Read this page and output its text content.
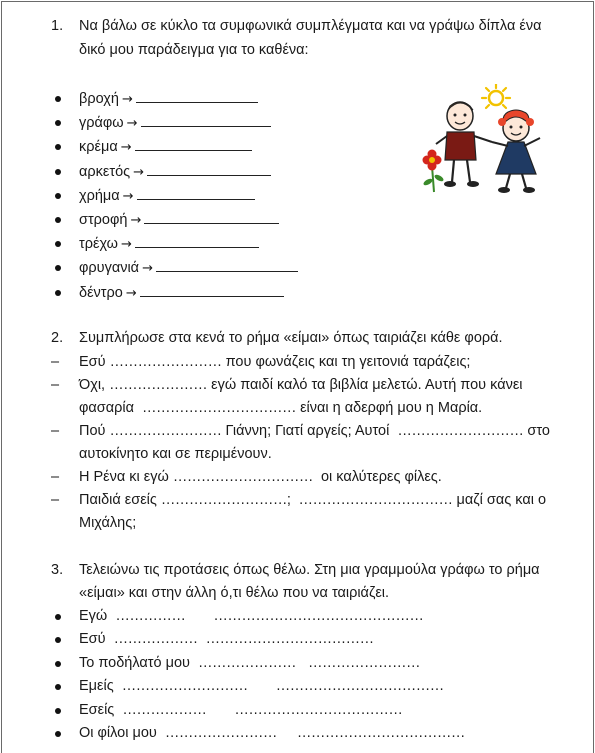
1. Να βάλω σε κύκλο τα συμφωνικά συμπλέγματα και να γράψω δίπλα ένα
δικό μου παράδειγμα για το καθένα:
βροχή →
γράφω →
κρέμα →
αρκετός →
χρήμα →
στροφή →
τρέχω →
φρυγανιά →
δέντρο →
2. Συμπλήρωσε στα κενά το ρήμα «είμαι» όπως ταιριάζει κάθε φορά.
– Εσύ …………………… που φωνάζεις και τη γειτονιά ταράζεις;
– Όχι, ………………… εγώ παιδί καλό τα βιβλία μελετώ. Αυτή που κάνει
φασαρία …………………………… είναι η αδερφή μου η Μαρία.
– Πού …………………… Γιάννη; Γιατί αργείς; Αυτοί ……………………… στο
αυτοκίνητο και σε περιμένουν.
– Η Ρένα κι εγώ ………………………… οι καλύτερες φίλες.
– Παιδιά εσείς ………………………; …………………………… μαζί σας και ο
Μιχάλης;
3. Τελειώνω τις προτάσεις όπως θέλω. Στη μια γραμμούλα γράφω το ρήμα
«είμαι» και στην άλλη ό,τι θέλω που να ταιριάζει.
Εγώ  …………… ………………………………………
Εσύ  ……………… ………………………………
Το ποδήλατό μου  ………………… ……………………
Εμείς  ……………………… ………………………………
Εσείς  ……………… ………………………………
Οι φίλοι μου  …………………… ………………………………
